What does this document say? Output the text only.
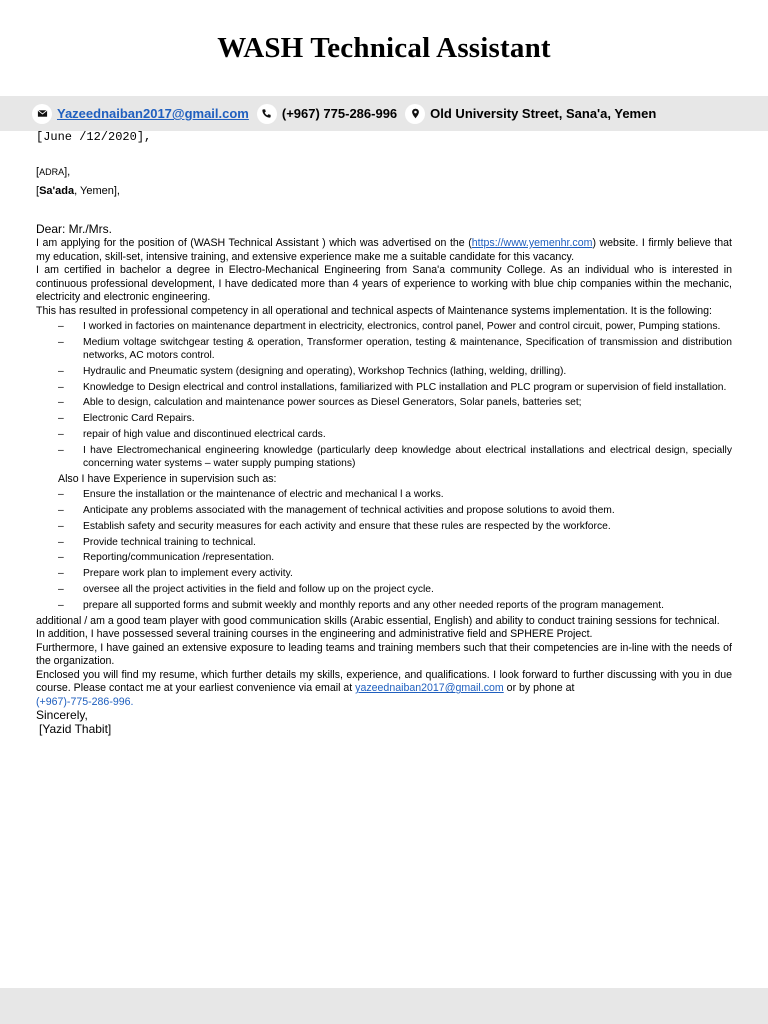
WASH Technical Assistant
Yazeednaiban2017@gmail.com	(+967) 775-286-996	Old University Street, Sana'a, Yemen
[June /12/2020],
[ADRA],
[Sa'ada, Yemen],

Dear: Mr./Mrs.

I am applying for the position of (WASH Technical Assistant ) which was advertised on the (https://www.yemenhr.com) website. I firmly believe that my education, skill-set, intensive training, and extensive experience make me a suitable candidate for this vacancy.

I am certified in bachelor a degree in Electro-Mechanical Engineering from Sana'a community College. As an individual who is interested in continuous professional development, I have dedicated more than 4 years of experience to working with blue chip companies within the mechanic, electricity and electronic engineering.

This has resulted in professional competency in all operational and technical aspects of Maintenance systems implementation. It is the following:

– I worked in factories on maintenance department in electricity, electronics, control panel, Power and control circuit, power, Pumping stations.
– Medium voltage switchgear testing & operation, Transformer operation, testing & maintenance, Specification of transmission and distribution networks, AC motors control.
– Hydraulic and Pneumatic system (designing and operating), Workshop Technics (lathing, welding, drilling).
– Knowledge to Design electrical and control installations, familiarized with PLC installation and PLC program or supervision of field installation.
– Able to design, calculation and maintenance power sources as Diesel Generators, Solar panels, batteries set;
– Electronic Card Repairs.
– repair of high value and discontinued electrical cards.
– I have Electromechanical engineering knowledge (particularly deep knowledge about electrical installations and electrical design, specially concerning water systems – water supply pumping stations)

Also I have Experience in supervision such as:

– Ensure the installation or the maintenance of electric and mechanical l a works.
– Anticipate any problems associated with the management of technical activities and propose solutions to avoid them.
– Establish safety and security measures for each activity and ensure that these rules are respected by the workforce.
– Provide technical training to technical.
– Reporting/communication /representation.
– Prepare work plan to implement every activity.
– oversee all the project activities in the field and follow up on the project cycle.
– prepare all supported forms and submit weekly and monthly reports and any other needed reports of the program management.

additional / am a good team player with good communication skills (Arabic essential, English) and ability to conduct training sessions for technical.

In addition, I have possessed several training courses in the engineering and administrative field and SPHERE Project.

Furthermore, I have gained an extensive exposure to leading teams and training members such that their competencies are in-line with the needs of the organization.

Enclosed you will find my resume, which further details my skills, experience, and qualifications. I look forward to further discussing with you in due course. Please contact me at your earliest convenience via email at yazeednaiban2017@gmail.com or by phone at
(+967)-775-286-996.

Sincerely,

[Yazid Thabit]
